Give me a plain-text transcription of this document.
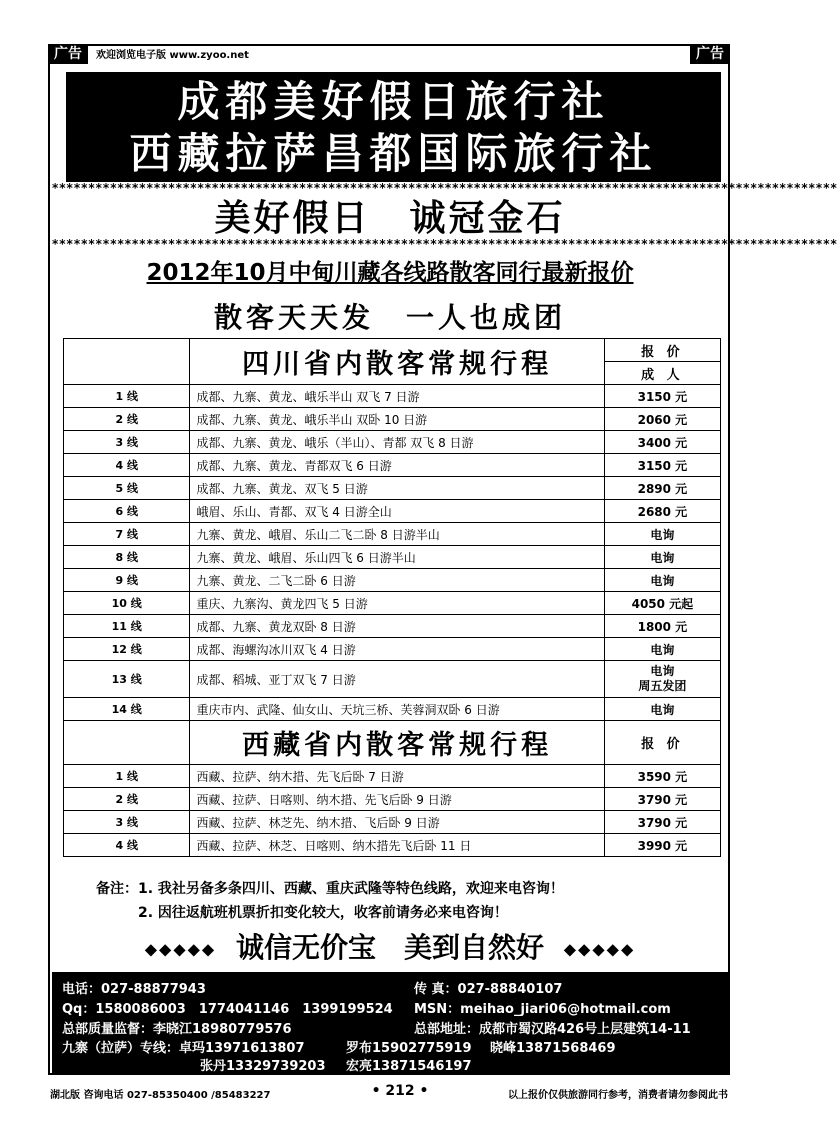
广告	广告
欢迎浏览电子版 www.zyoo.net
成都美好假日旅行社
西藏拉萨昌都国际旅行社
************************************************************************************************************
美好假日　诚冠金石
************************************************************************************************************
2012年10月中甸川藏各线路散客同行最新报价
散客天天发　一人也成团
	四川省内散客常规行程	报 价
		成 人
1 线	成都、九寨、黄龙、峨乐半山 双飞 7 日游	3150 元
2 线	成都、九寨、黄龙、峨乐半山 双卧 10 日游	2060 元
3 线	成都、九寨、黄龙、峨乐（半山）、青都 双飞 8 日游	3400 元
4 线	成都、九寨、黄龙、青都双飞 6 日游	3150 元
5 线	成都、九寨、黄龙、双飞 5 日游	2890 元
6 线	峨眉、乐山、青都、双飞 4 日游全山	2680 元
7 线	九寨、黄龙、峨眉、乐山二飞二卧 8 日游半山	电询
8 线	九寨、黄龙、峨眉、乐山四飞 6 日游半山	电询
9 线	九寨、黄龙、二飞二卧 6 日游	电询
10 线	重庆、九寨沟、黄龙四飞 5 日游	4050 元起
11 线	成都、九寨、黄龙双卧 8 日游	1800 元
12 线	成都、海螺沟冰川双飞 4 日游	电询
13 线	成都、稻城、亚丁双飞 7 日游	电询
周五发团

14 线	重庆市内、武隆、仙女山、天坑三桥、芙蓉洞双卧 6 日游	电询
	西藏省内散客常规行程	报 价
1 线	西藏、拉萨、纳木措、先飞后卧 7 日游	3590 元
2 线	西藏、拉萨、日喀则、纳木措、先飞后卧 9 日游	3790 元
3 线	西藏、拉萨、林芝先、纳木措、飞后卧 9 日游	3790 元
4 线	西藏、拉萨、林芝、日喀则、纳木措先飞后卧 11 日	3990 元
备注：1. 我社另备多条四川、西藏、重庆武隆等特色线路，欢迎来电咨询！
2. 因往返航班机票折扣变化较大，收客前请务必来电咨询！
◆◆◆◆◆ 诚信无价宝　美到自然好 ◆◆◆◆◆
电话：027-88877943	传 真：027-88840107
Qq：1580086003　1774041146　1399199524 MSN：meihao_jiari06@hotmail.com
总部质量监督：李晓江18980779576	总部地址：成都市蜀汉路426号上层建筑14-11
九寨（拉萨）专线：卓玛13971613807	罗布15902775919 晓峰13871568469
张丹13329739203 宏亮13871546197
湖北版 咨询电话 027-85350400 /85483227	• 212 •	以上报价仅供旅游同行参考，消费者请勿参阅此书
